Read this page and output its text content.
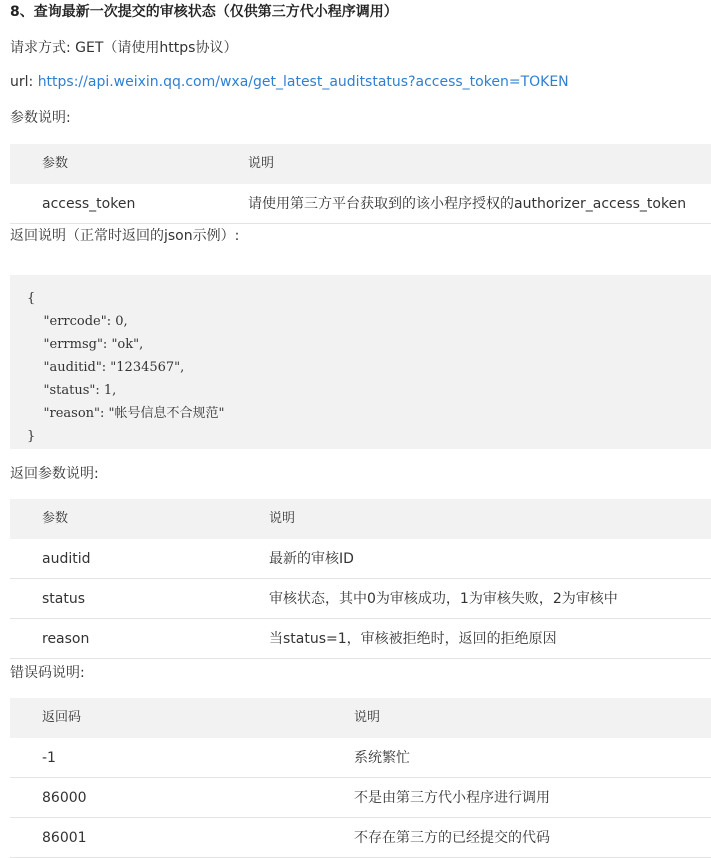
8、查询最新一次提交的审核状态（仅供第三方代小程序调用）
请求方式: GET（请使用https协议）
url: https://api.weixin.qq.com/wxa/get_latest_auditstatus?access_token=TOKEN
参数说明:
参数	说明
access_token	请使用第三方平台获取到的该小程序授权的authorizer_access_token
返回说明（正常时返回的json示例）:
{
"errcode": 0,
"errmsg": "ok",
"auditid": "1234567",
"status": 1,
"reason": "帐号信息不合规范"
}
返回参数说明:
参数	说明
auditid	最新的审核ID
status	审核状态，其中0为审核成功，1为审核失败，2为审核中
reason	当status=1，审核被拒绝时，返回的拒绝原因
错误码说明:
返回码	说明
-1	系统繁忙
86000	不是由第三方代小程序进行调用
86001	不存在第三方的已经提交的代码
